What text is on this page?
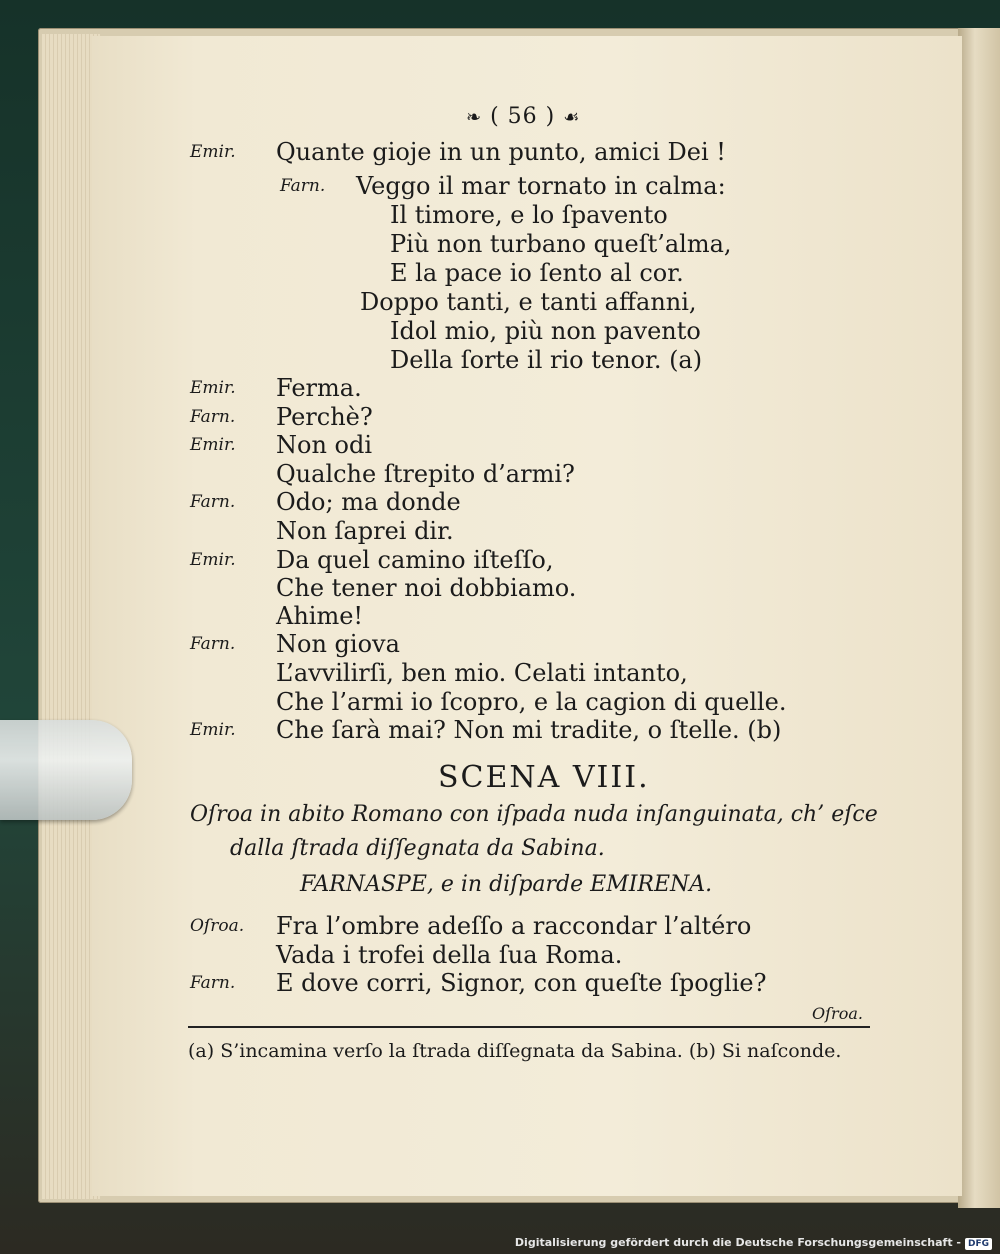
❧ ( 56 ) ☙
Emir. Quante gioje in un punto, amici Dei !
Farn. Veggo il mar tornato in calma:
Il timore, e lo ſpavento
Più non turbano queſt’alma,
E la pace io ſento al cor.
Doppo tanti, e tanti affanni,
Idol mio, più non pavento
Della ſorte il rio tenor. (a)
Emir. Ferma.
Farn. Perchè?
Emir. Non odi
Qualche ſtrepito d’armi?
Farn. Odo; ma donde
Non ſaprei dir.
Emir. Da quel camino iſteſſo,
Che tener noi dobbiamo.
Ahime!
Farn. Non giova
L’avvilirſi, ben mio. Celati intanto,
Che l’armi io ſcopro, e la cagion di quelle.
Emir. Che ſarà mai? Non mi tradite, o ſtelle. (b)
SCENA VIII.
Oſroa in abito Romano con iſpada nuda inſanguinata, ch’ eſce
dalla ſtrada diſſegnata da Sabina.
FARNASPE, e in diſparde EMIRENA.
Oſroa. Fra l’ombre adeſſo a raccondar l’altéro
Vada i trofei della ſua Roma.
Farn. E dove corri, Signor, con queſte ſpoglie?
Oſroa.
(a) S’incamina verſo la ſtrada diſſegnata da Sabina. (b) Si naſconde.
Digitalisierung gefördert durch die Deutsche Forschungsgemeinschaft - DFG
